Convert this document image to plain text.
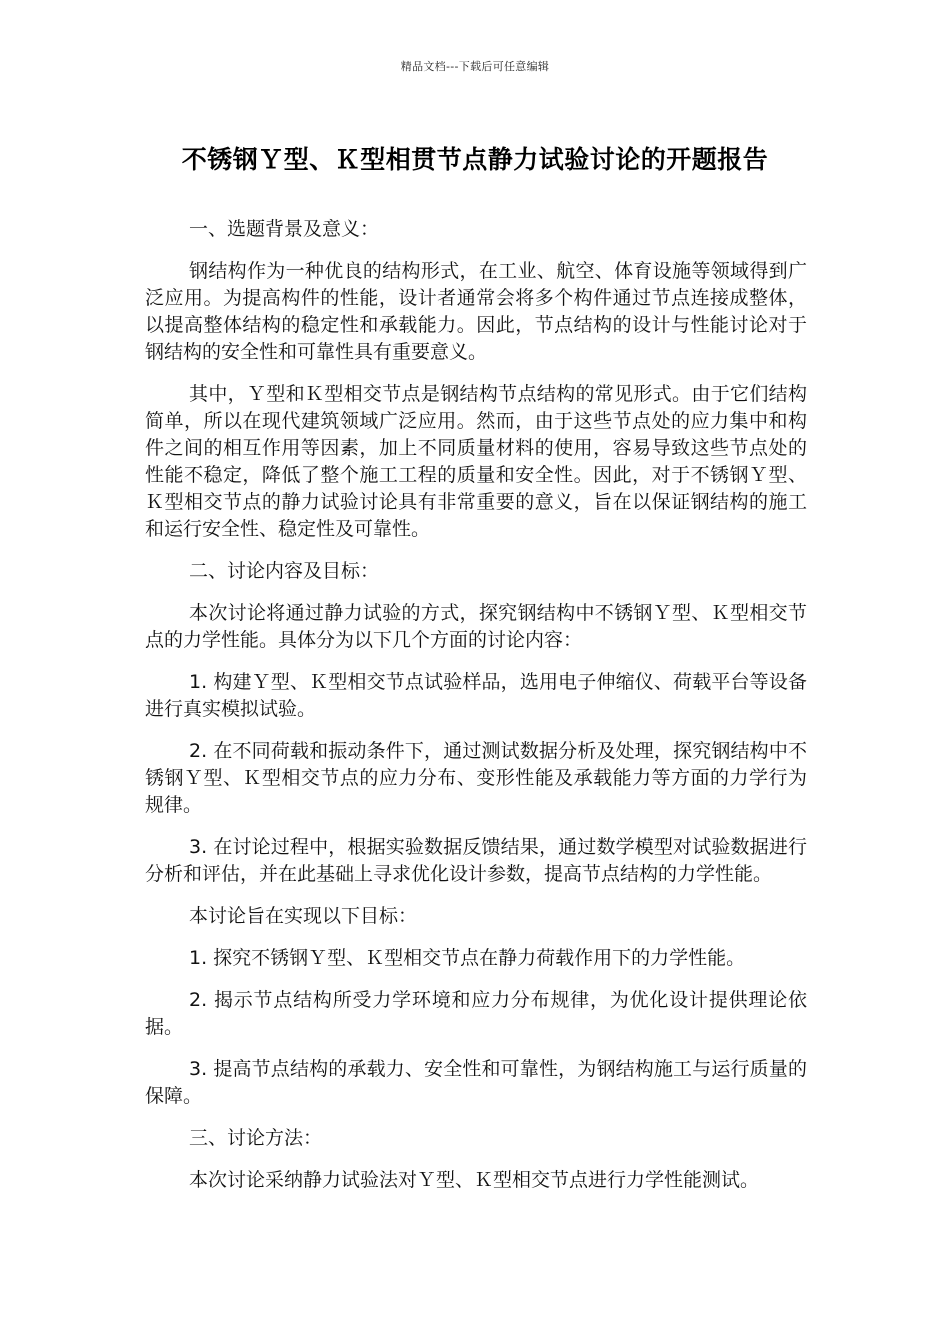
精品文档---下载后可任意编辑
不锈钢Ｙ型、Ｋ型相贯节点静力试验讨论的开题报告

一、选题背景及意义：

钢结构作为一种优良的结构形式，在工业、航空、体育设施等领域得到广泛应用。为提高构件的性能，设计者通常会将多个构件通过节点连接成整体，以提高整体结构的稳定性和承载能力。因此，节点结构的设计与性能讨论对于钢结构的安全性和可靠性具有重要意义。

其中，Ｙ型和Ｋ型相交节点是钢结构节点结构的常见形式。由于它们结构简单，所以在现代建筑领域广泛应用。然而，由于这些节点处的应力集中和构件之间的相互作用等因素，加上不同质量材料的使用，容易导致这些节点处的性能不稳定，降低了整个施工工程的质量和安全性。因此，对于不锈钢Ｙ型、Ｋ型相交节点的静力试验讨论具有非常重要的意义，旨在以保证钢结构的施工和运行安全性、稳定性及可靠性。

二、讨论内容及目标：

本次讨论将通过静力试验的方式，探究钢结构中不锈钢Ｙ型、Ｋ型相交节点的力学性能。具体分为以下几个方面的讨论内容：

1. 构建Ｙ型、Ｋ型相交节点试验样品，选用电子伸缩仪、荷载平台等设备进行真实模拟试验。

2. 在不同荷载和振动条件下，通过测试数据分析及处理，探究钢结构中不锈钢Ｙ型、Ｋ型相交节点的应力分布、变形性能及承载能力等方面的力学行为规律。

3. 在讨论过程中，根据实验数据反馈结果，通过数学模型对试验数据进行分析和评估，并在此基础上寻求优化设计参数，提高节点结构的力学性能。

本讨论旨在实现以下目标：

1. 探究不锈钢Ｙ型、Ｋ型相交节点在静力荷载作用下的力学性能。

2. 揭示节点结构所受力学环境和应力分布规律，为优化设计提供理论依据。

3. 提高节点结构的承载力、安全性和可靠性，为钢结构施工与运行质量的保障。

三、讨论方法：

本次讨论采纳静力试验法对Ｙ型、Ｋ型相交节点进行力学性能测试。
